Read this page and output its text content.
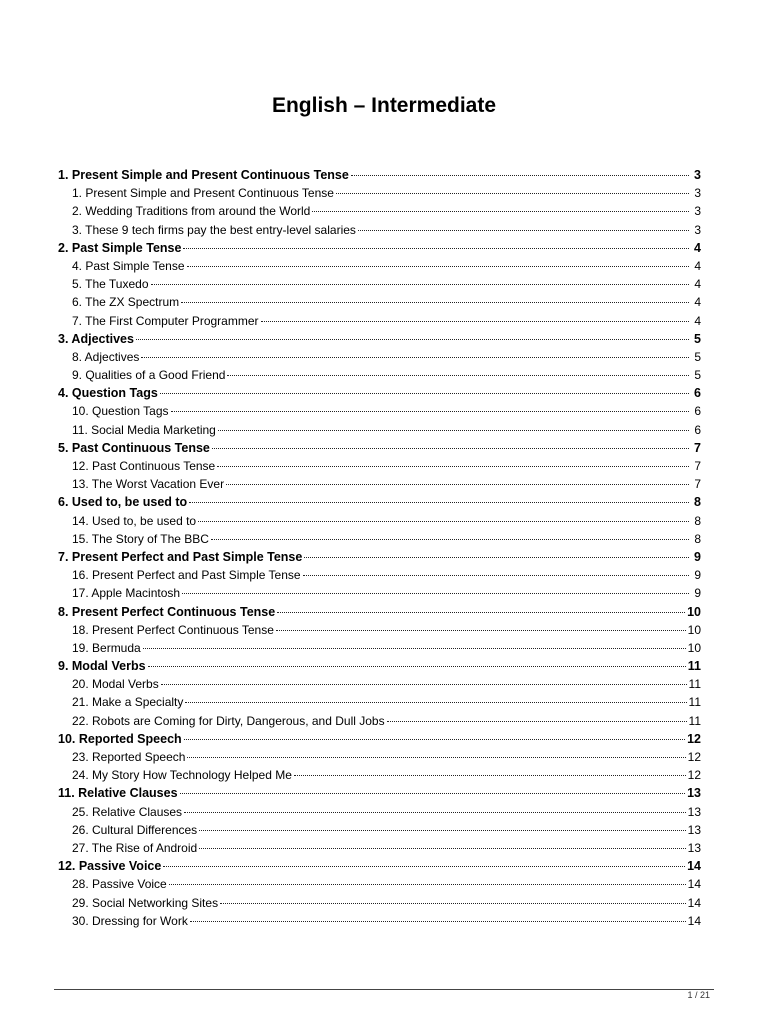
English – Intermediate
1. Present Simple and Present Continuous Tense	3
1. Present Simple and Present Continuous Tense	3
2. Wedding Traditions from around the World	3
3. These 9 tech firms pay the best entry-level salaries	3
2. Past Simple Tense	4
4. Past Simple Tense	4
5. The Tuxedo	4
6. The ZX Spectrum	4
7. The First Computer Programmer	4
3. Adjectives	5
8. Adjectives	5
9. Qualities of a Good Friend	5
4. Question Tags	6
10. Question Tags	6
11. Social Media Marketing	6
5. Past Continuous Tense	7
12. Past Continuous Tense	7
13. The Worst Vacation Ever	7
6. Used to, be used to	8
14. Used to, be used to	8
15. The Story of The BBC	8
7. Present Perfect and Past Simple Tense	9
16. Present Perfect and Past Simple Tense	9
17. Apple Macintosh	9
8. Present Perfect Continuous Tense	10
18. Present Perfect Continuous Tense	10
19. Bermuda	10
9. Modal Verbs	11
20. Modal Verbs	11
21. Make a Specialty	11
22. Robots are Coming for Dirty, Dangerous, and Dull Jobs	11
10. Reported Speech	12
23. Reported Speech	12
24. My Story How Technology Helped Me	12
11. Relative Clauses	13
25. Relative Clauses	13
26. Cultural Differences	13
27. The Rise of Android	13
12. Passive Voice	14
28. Passive Voice	14
29. Social Networking Sites	14
30. Dressing for Work	14
1 / 21
